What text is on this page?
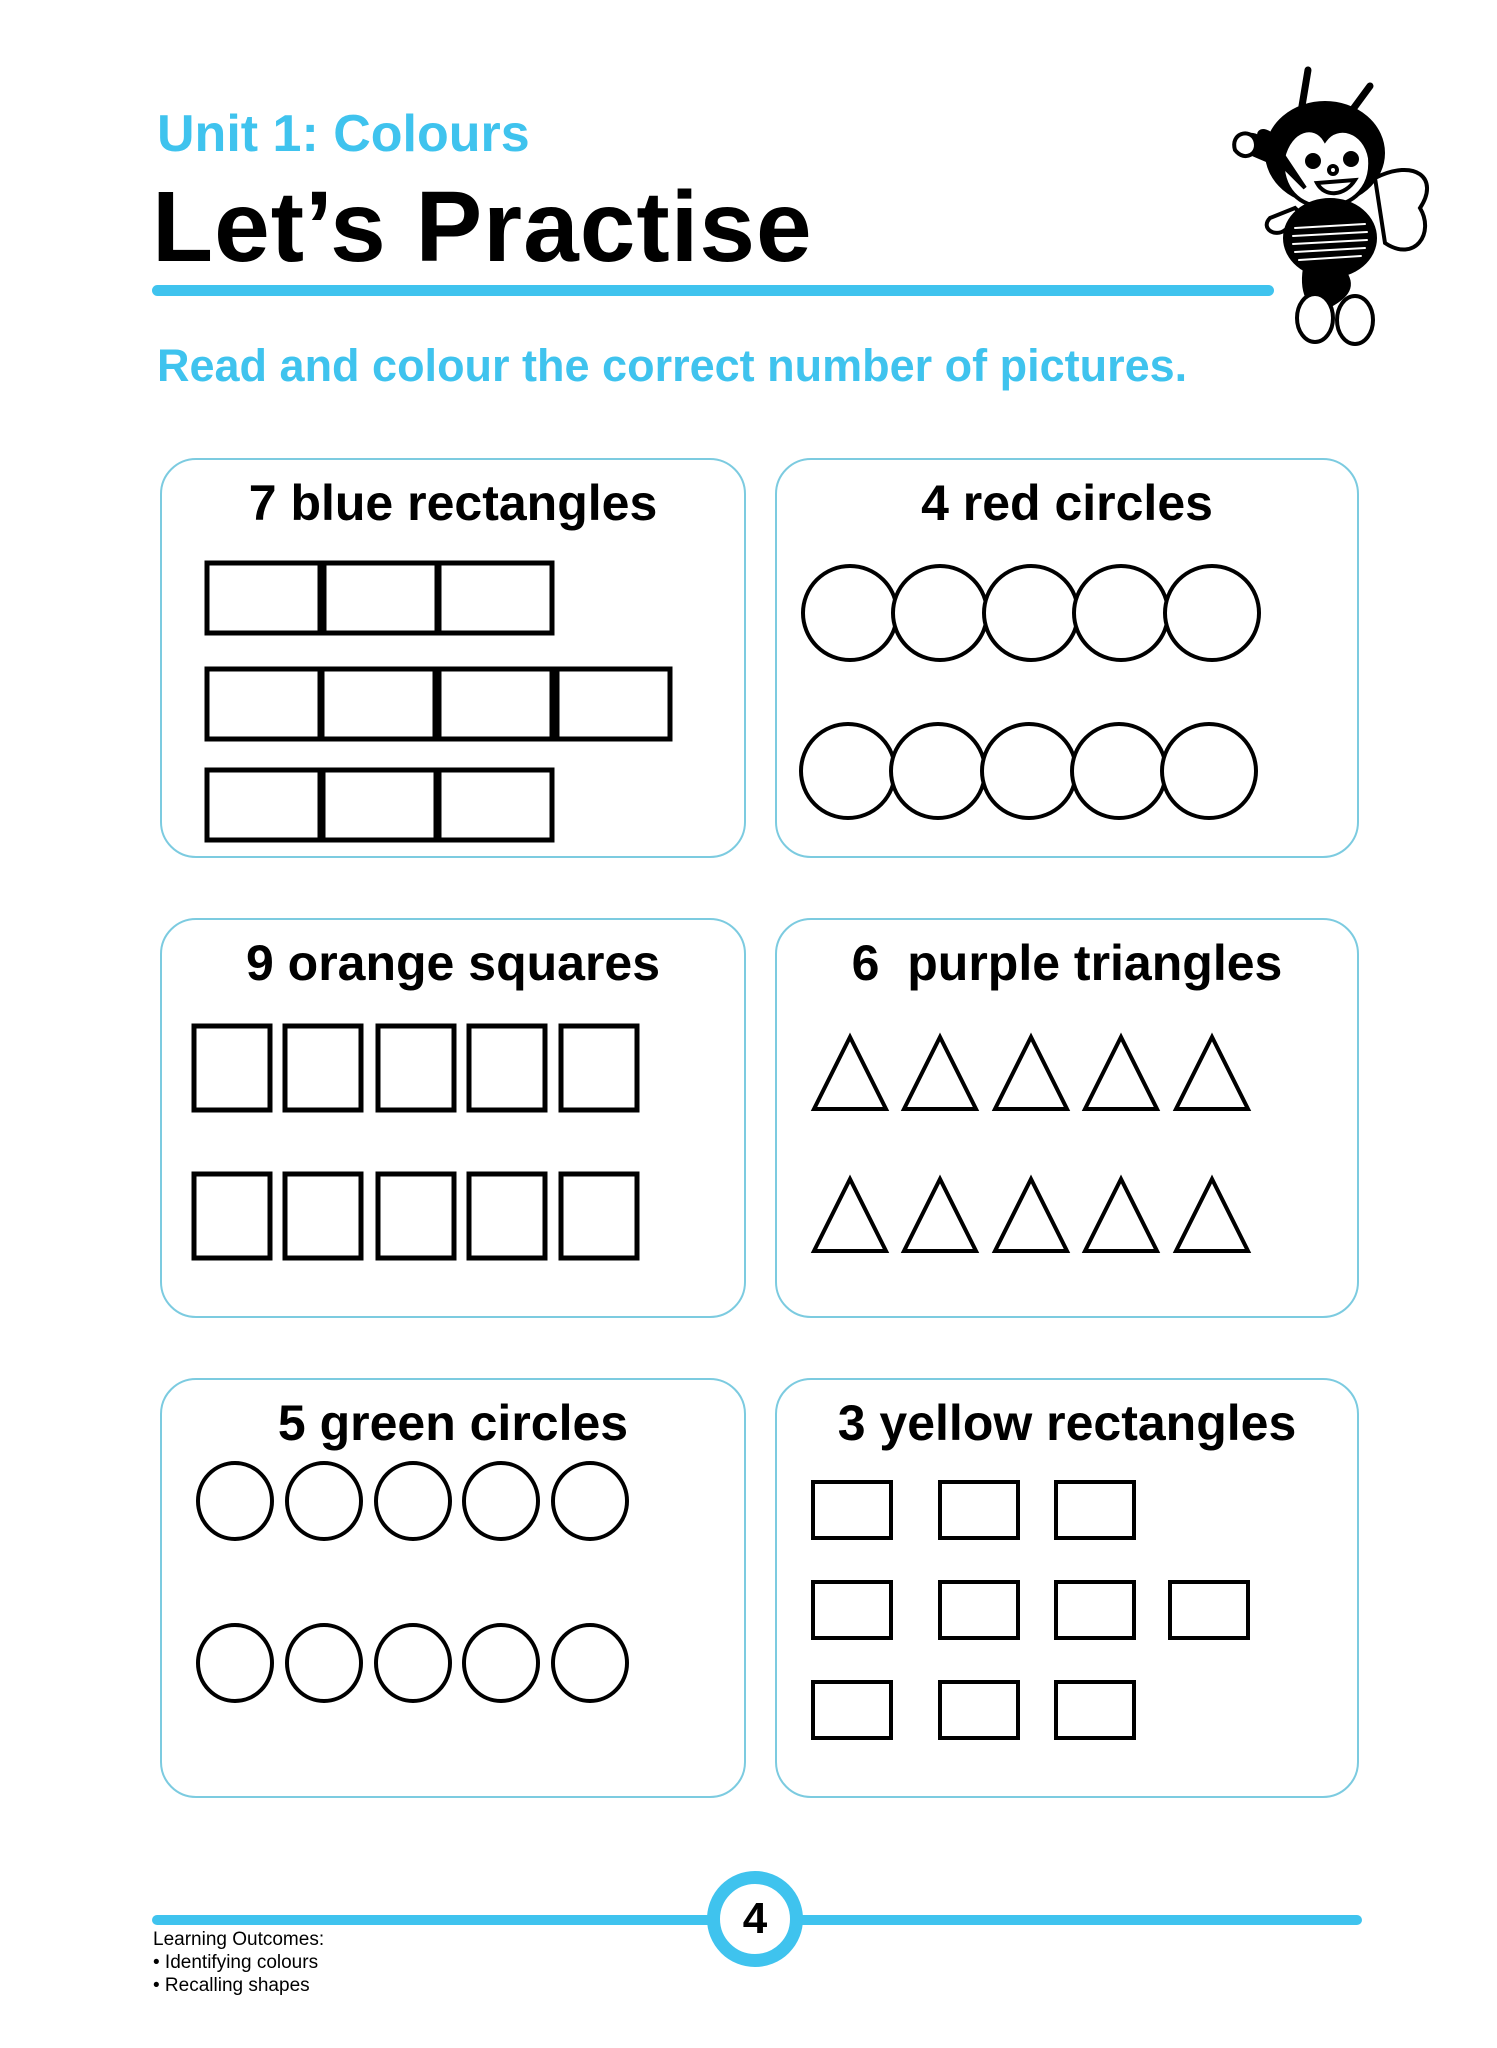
Unit 1: Colours
Let’s Practise
Read and colour the correct number of pictures.
7 blue rectangles	4 red circles
9 orange squares	6  purple triangles
5 green circles	3 yellow rectangles
4
Learning Outcomes:
• Identifying colours
• Recalling shapes
